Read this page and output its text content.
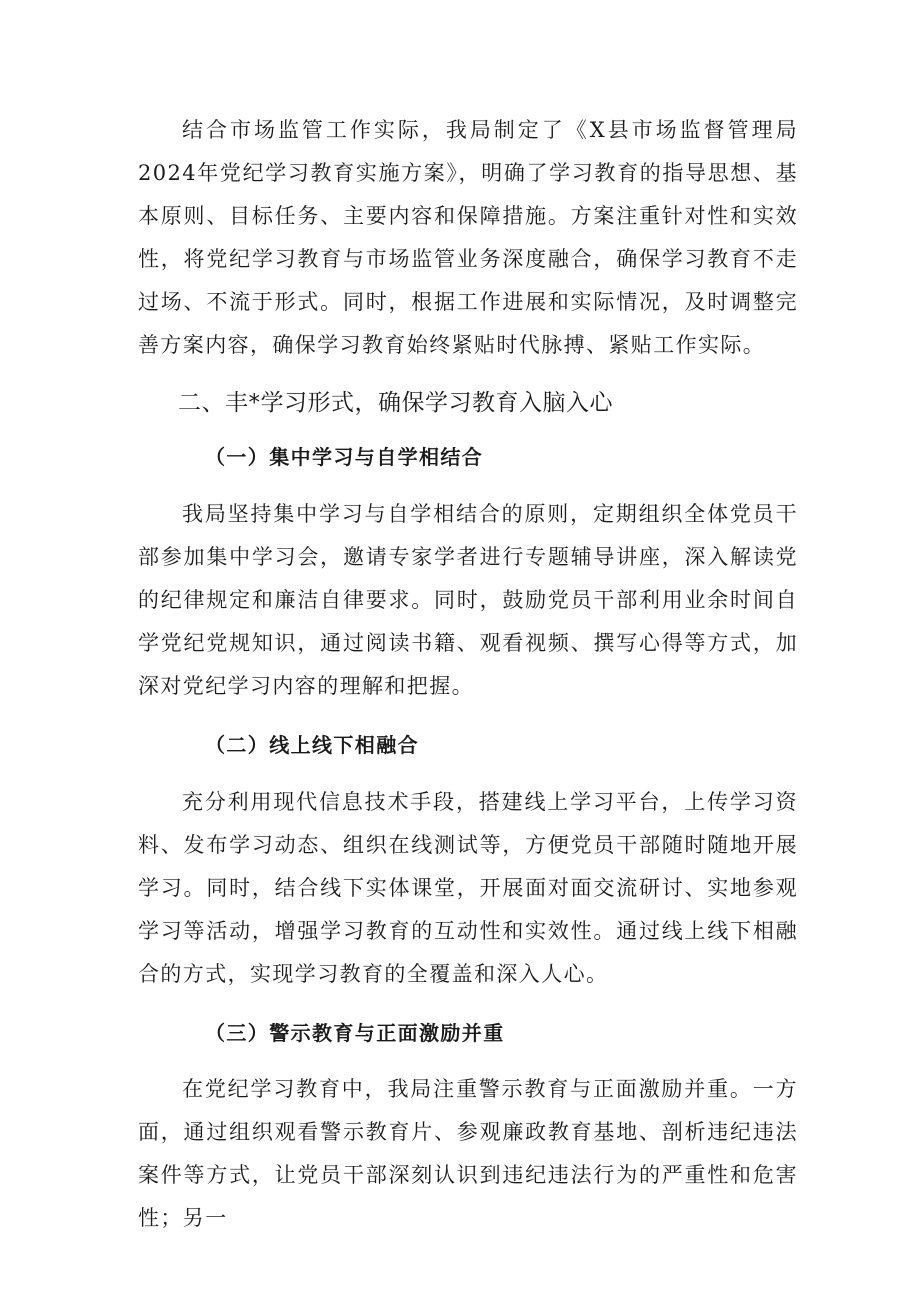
结合市场监管工作实际，我局制定了《X县市场监督管理局2024年党纪学习教育实施方案》，明确了学习教育的指导思想、基本原则、目标任务、主要内容和保障措施。方案注重针对性和实效性，将党纪学习教育与市场监管业务深度融合，确保学习教育不走过场、不流于形式。同时，根据工作进展和实际情况，及时调整完善方案内容，确保学习教育始终紧贴时代脉搏、紧贴工作实际。

二、丰*学习形式，确保学习教育入脑入心
（一）集中学习与自学相结合

我局坚持集中学习与自学相结合的原则，定期组织全体党员干部参加集中学习会，邀请专家学者进行专题辅导讲座，深入解读党的纪律规定和廉洁自律要求。同时，鼓励党员干部利用业余时间自学党纪党规知识，通过阅读书籍、观看视频、撰写心得等方式，加深对党纪学习内容的理解和把握。

（二）线上线下相融合

充分利用现代信息技术手段，搭建线上学习平台，上传学习资料、发布学习动态、组织在线测试等，方便党员干部随时随地开展学习。同时，结合线下实体课堂，开展面对面交流研讨、实地参观学习等活动，增强学习教育的互动性和实效性。通过线上线下相融合的方式，实现学习教育的全覆盖和深入人心。

（三）警示教育与正面激励并重

在党纪学习教育中，我局注重警示教育与正面激励并重。一方面，通过组织观看警示教育片、参观廉政教育基地、剖析违纪违法案件等方式，让党员干部深刻认识到违纪违法行为的严重性和危害性；另一
